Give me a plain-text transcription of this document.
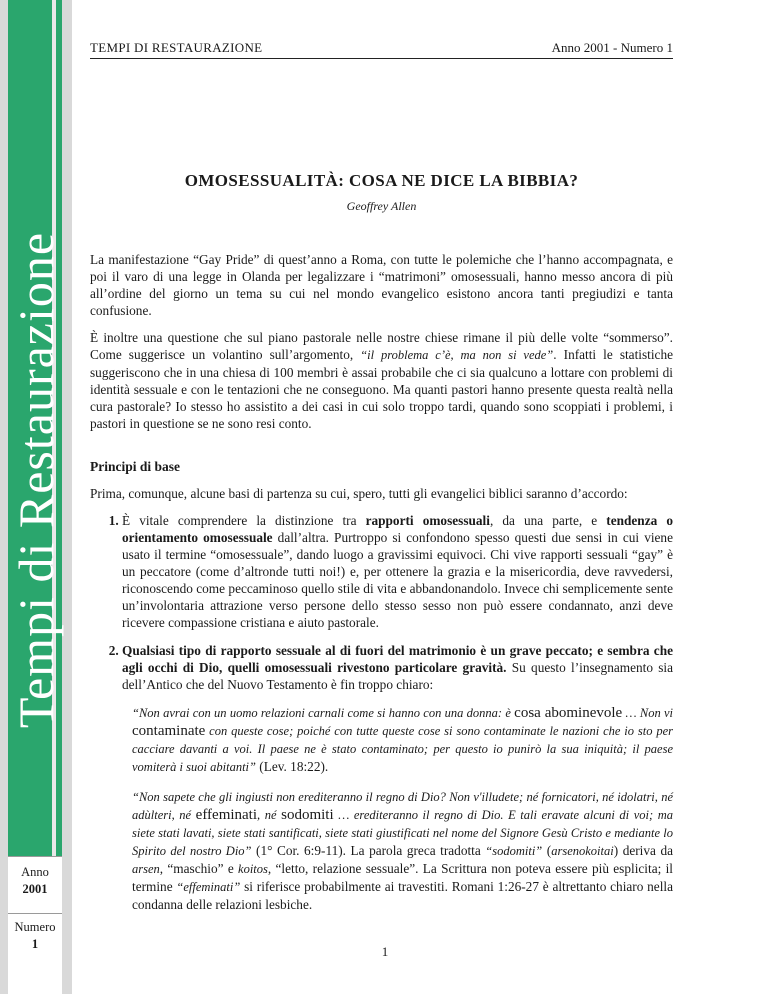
Tempi di Restaurazione
Anno
2001
Numero
1
TEMPI DI RESTAURAZIONE	Anno 2001 - Numero 1
OMOSESSUALITÀ: COSA NE DICE LA BIBBIA?

Geoffrey Allen

La manifestazione “Gay Pride” di quest’anno a Roma, con tutte le polemiche che l’hanno accompagnata, e poi il varo di una legge in Olanda per legalizzare i “matrimoni” omosessuali, hanno messo ancora di più all’ordine del giorno un tema su cui nel mondo evangelico esistono ancora tanti pregiudizi e tanta confusione.

È inoltre una questione che sul piano pastorale nelle nostre chiese rimane il più delle volte “sommerso”. Come suggerisce un volantino sull’argomento, “il problema c’è, ma non si vede”. Infatti le statistiche suggeriscono che in una chiesa di 100 membri è assai probabile che ci sia qualcuno a lottare con problemi di identità sessuale e con le tentazioni che ne conseguono. Ma quanti pastori hanno presente questa realtà nella cura pastorale? Io stesso ho assistito a dei casi in cui solo troppo tardi, quando sono scoppiati i problemi, i pastori in questione se ne sono resi conto.

Principi di base

Prima, comunque, alcune basi di partenza su cui, spero, tutti gli evangelici biblici saranno d’accordo:

1. È vitale comprendere la distinzione tra rapporti omosessuali, da una parte, e tendenza o orientamento omosessuale dall’altra. Purtroppo si confondono spesso questi due sensi in cui viene usato il termine “omosessuale”, dando luogo a gravissimi equivoci. Chi vive rapporti sessuali “gay” è un peccatore (come d’altronde tutti noi!) e, per ottenere la grazia e la misericordia, deve ravvedersi, riconoscendo come peccaminoso quello stile di vita e abbandonandolo. Invece chi semplicemente sente un’involontaria attrazione verso persone dello stesso sesso non può essere condannato, anzi deve ricevere compassione cristiana e aiuto pastorale.
2. Qualsiasi tipo di rapporto sessuale al di fuori del matrimonio è un grave peccato; e sembra che agli occhi di Dio, quelli omosessuali rivestono particolare gravità. Su questo l’insegnamento sia dell’Antico che del Nuovo Testamento è fin troppo chiaro:

“Non avrai con un uomo relazioni carnali come si hanno con una donna: è cosa abominevole … Non vi contaminate con queste cose; poiché con tutte queste cose si sono contaminate le nazioni che io sto per cacciare davanti a voi. Il paese ne è stato contaminato; per questo io punirò la sua iniquità; il paese vomiterà i suoi abitanti” (Lev. 18:22).

“Non sapete che gli ingiusti non erediteranno il regno di Dio? Non v'illudete; né fornicatori, né idolatri, né adùlteri, né effeminati, né sodomiti … erediteranno il regno di Dio. E tali eravate alcuni di voi; ma siete stati lavati, siete stati santificati, siete stati giustificati nel nome del Signore Gesù Cristo e mediante lo Spirito del nostro Dio” (1° Cor. 6:9-11). La parola greca tradotta “sodomiti” (arsenokoitai) deriva da arsen, “maschio” e koitos, “letto, relazione sessuale”. La Scrittura non poteva essere più esplicita; il termine “effeminati” si riferisce probabilmente ai travestiti. Romani 1:26-27 è altrettanto chiaro nella condanna delle relazioni lesbiche.

1
